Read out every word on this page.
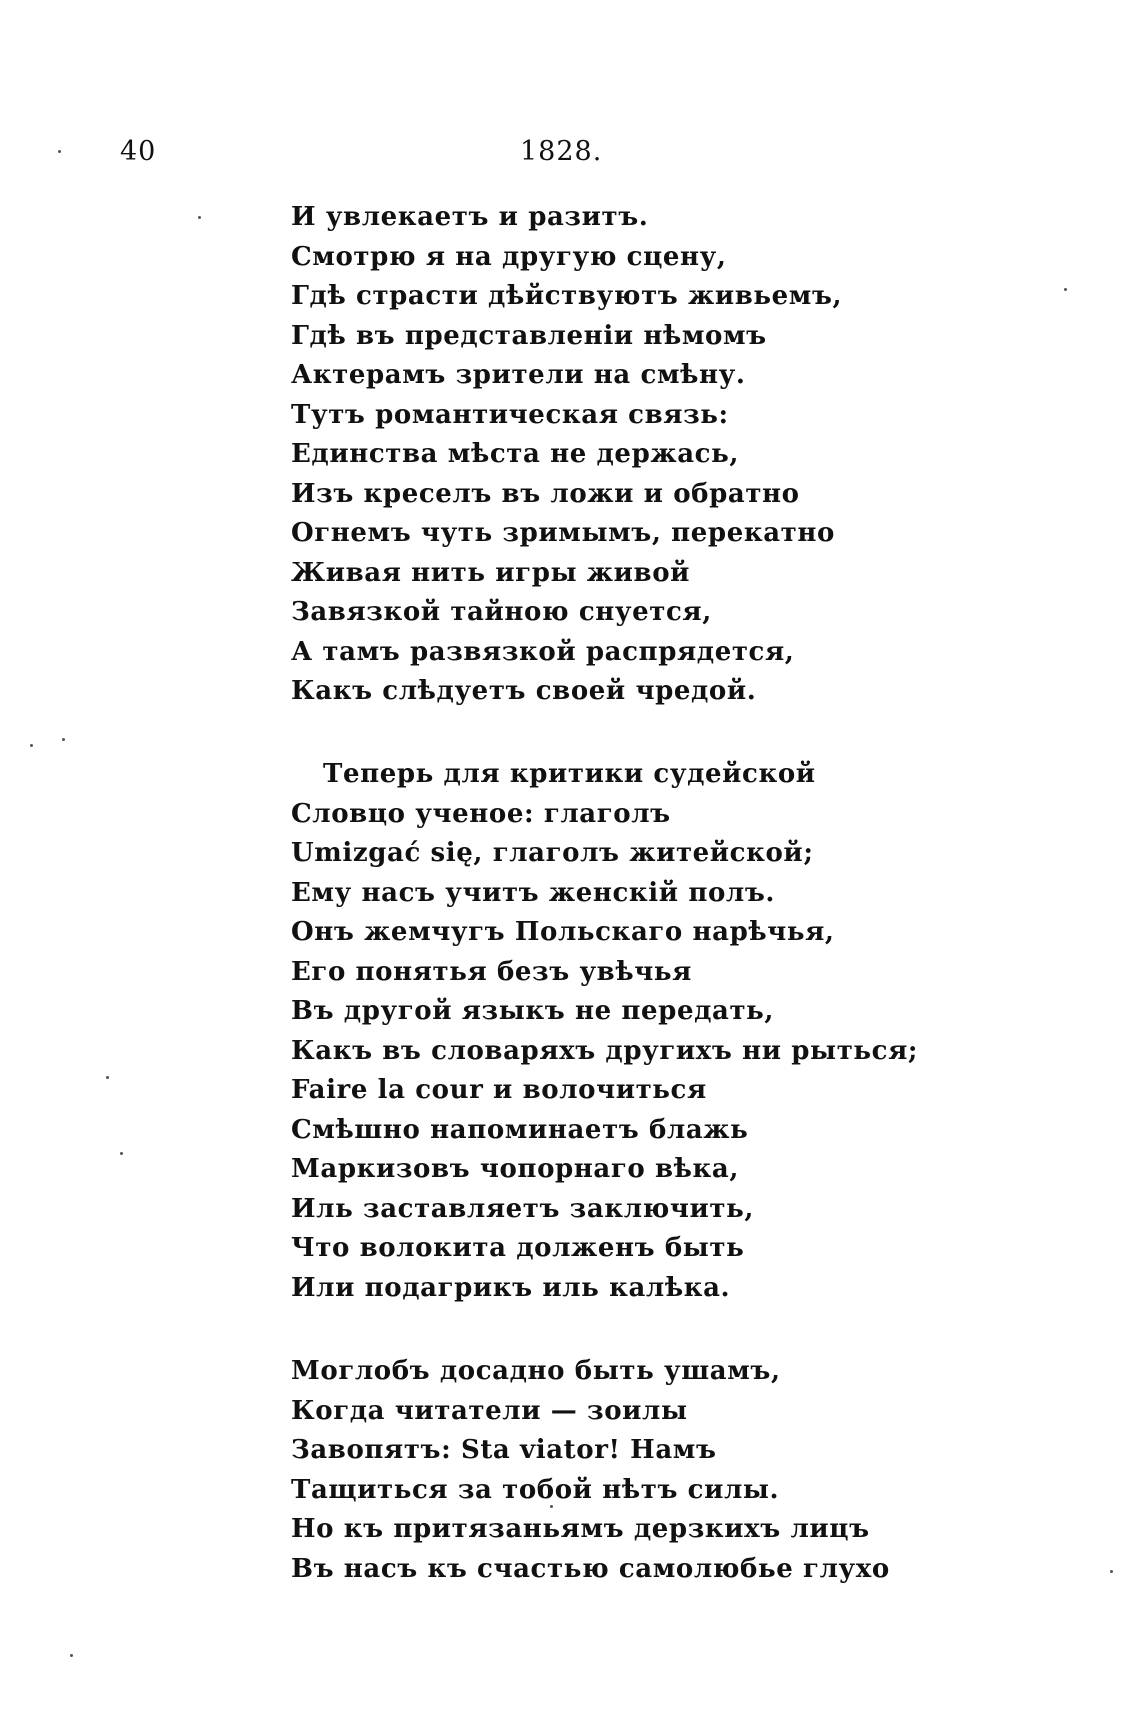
40	1828.
И увлекаетъ и разитъ.
Смотрю я на другую сцену,
Гдѣ страсти дѣйствуютъ живьемъ,
Гдѣ въ представленіи нѣмомъ
Актерамъ зрители на смѣну.
Тутъ романтическая связь:
Единства мѣста не держась,
Изъ креселъ въ ложи и обратно
Огнемъ чуть зримымъ, перекатно
Живая нить игры живой
Завязкой тайною снуется,
А тамъ развязкой распрядется,
Какъ слѣдуетъ своей чредой.
Теперь для критики судейской
Словцо ученое: глаголъ
Umizgać się, глаголъ житейской;
Ему насъ учитъ женскій полъ.
Онъ жемчугъ Польскаго нарѣчья,
Его понятья безъ увѣчья
Въ другой языкъ не передать,
Какъ въ словаряхъ другихъ ни рыться;
Faire la cour и волочиться
Смѣшно напоминаетъ блажь
Маркизовъ чопорнаго вѣка,
Иль заставляетъ заключить,
Что волокита долженъ быть
Или подагрикъ иль калѣка.
Моглобъ досадно быть ушамъ,
Когда читатели — зоилы
Завопятъ: Sta viator! Намъ
Тащиться за тобой нѣтъ силы.
Но къ притязаньямъ дерзкихъ лицъ
Въ насъ къ счастью самолюбье глухо
